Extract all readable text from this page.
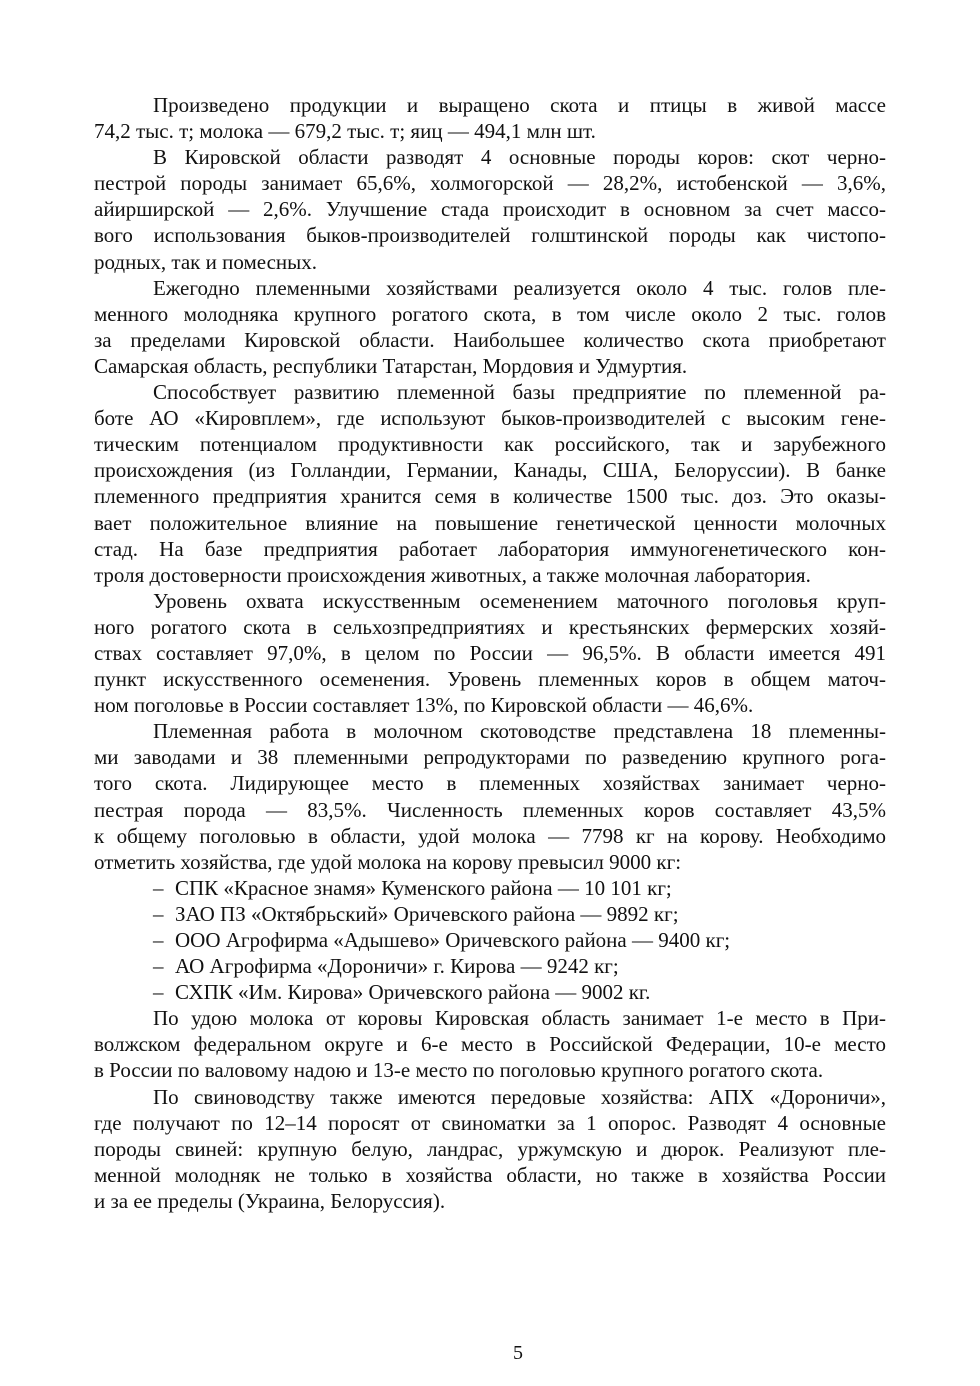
Произведено продукции и выращено скота и птицы в живой массе
74,2 тыс. т; молока — 679,2 тыс. т; яиц — 494,1 млн шт.
В Кировской области разводят 4 основные породы коров: скот черно-
пестрой породы занимает 65,6%, холмогорской — 28,2%, истобенской — 3,6%,
айирширской — 2,6%. Улучшение стада происходит в основном за счет массо-
вого использования быков-производителей голштинской породы как чистопо-
родных, так и помесных.
Ежегодно племенными хозяйствами реализуется около 4 тыс. голов пле-
менного молодняка крупного рогатого скота, в том числе около 2 тыс. голов
за пределами Кировской области. Наибольшее количество скота приобретают
Самарская область, республики Татарстан, Мордовия и Удмуртия.
Способствует развитию племенной базы предприятие по племенной ра-
боте АО «Кировплем», где используют быков-производителей с высоким гене-
тическим потенциалом продуктивности как российского, так и зарубежного
происхождения (из Голландии, Германии, Канады, США, Белоруссии). В банке
племенного предприятия хранится семя в количестве 1500 тыс. доз. Это оказы-
вает положительное влияние на повышение генетической ценности молочных
стад. На базе предприятия работает лаборатория иммуногенетического кон-
троля достоверности происхождения животных, а также молочная лаборатория.
Уровень охвата искусственным осеменением маточного поголовья круп-
ного рогатого скота в сельхозпредприятиях и крестьянских фермерских хозяй-
ствах составляет 97,0%, в целом по России — 96,5%. В области имеется 491
пункт искусственного осеменения. Уровень племенных коров в общем маточ-
ном поголовье в России составляет 13%, по Кировской области — 46,6%.
Племенная работа в молочном скотоводстве представлена 18 племенны-
ми заводами и 38 племенными репродукторами по разведению крупного рога-
того скота. Лидирующее место в племенных хозяйствах занимает черно-
пестрая порода — 83,5%. Численность племенных коров составляет 43,5%
к общему поголовью в области, удой молока — 7798 кг на корову. Необходимо
отметить хозяйства, где удой молока на корову превысил 9000 кг:
– СПК «Красное знамя» Куменского района — 10 101 кг;
– ЗАО ПЗ «Октябрьский» Оричевского района — 9892 кг;
– ООО Агрофирма «Адышево» Оричевского района — 9400 кг;
– АО Агрофирма «Дороничи» г. Кирова — 9242 кг;
– СХПК «Им. Кирова» Оричевского района — 9002 кг.
По удою молока от коровы Кировская область занимает 1-е место в При-
волжском федеральном округе и 6-е место в Российской Федерации, 10-е место
в России по валовому надою и 13-е место по поголовью крупного рогатого скота.
По свиноводству также имеются передовые хозяйства: АПХ «Дороничи»,
где получают по 12–14 поросят от свиноматки за 1 опорос. Разводят 4 основные
породы свиней: крупную белую, ландрас, уржумскую и дюрок. Реализуют пле-
менной молодняк не только в хозяйства области, но также в хозяйства России
и за ее пределы (Украина, Белоруссия).
5
